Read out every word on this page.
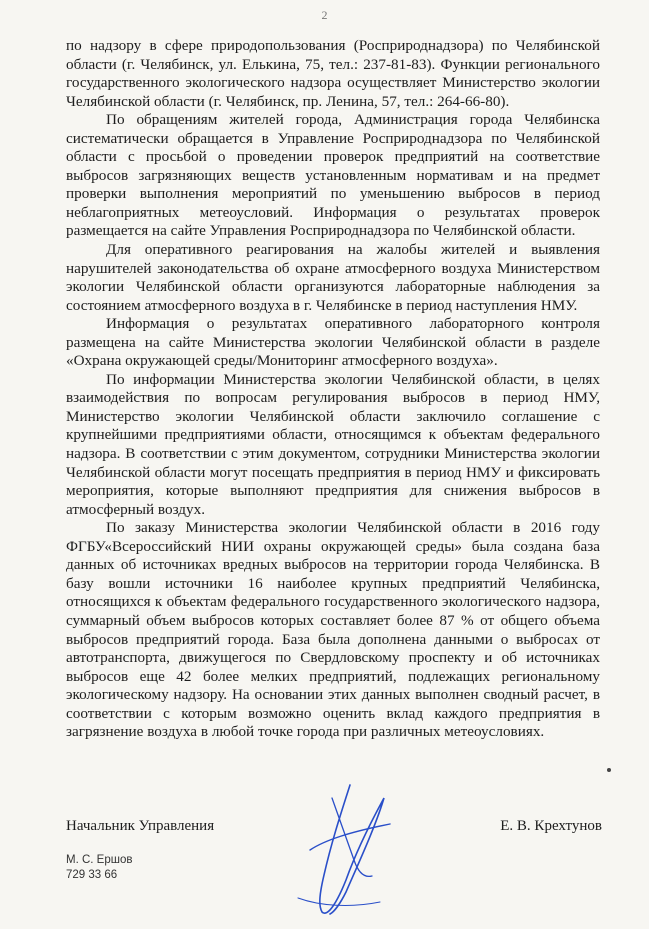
2

по надзору в сфере природопользования (Росприроднадзора) по Челябинской области (г. Челябинск, ул. Елькина, 75, тел.: 237-81-83). Функции регионального государственного экологического надзора осуществляет Министерство экологии Челябинской области (г. Челябинск, пр. Ленина, 57, тел.: 264-66-80).

По обращениям жителей города, Администрация города Челябинска систематически обращается в Управление Росприроднадзора по Челябинской области с просьбой о проведении проверок предприятий на соответствие выбросов загрязняющих веществ установленным нормативам и на предмет проверки выполнения мероприятий по уменьшению выбросов в период неблагоприятных метеоусловий. Информация о результатах проверок размещается на сайте Управления Росприроднадзора по Челябинской области.

Для оперативного реагирования на жалобы жителей и выявления нарушителей законодательства об охране атмосферного воздуха Министерством экологии Челябинской области организуются лабораторные наблюдения за состоянием атмосферного воздуха в г. Челябинске в период наступления НМУ.

Информация о результатах оперативного лабораторного контроля размещена на сайте Министерства экологии Челябинской области в разделе «Охрана окружающей среды/Мониторинг атмосферного воздуха».

По информации Министерства экологии Челябинской области, в целях взаимодействия по вопросам регулирования выбросов в период НМУ, Министерство экологии Челябинской области заключило соглашение с крупнейшими предприятиями области, относящимся к объектам федерального надзора. В соответствии с этим документом, сотрудники Министерства экологии Челябинской области могут посещать предприятия в период НМУ и фиксировать мероприятия, которые выполняют предприятия для снижения выбросов в атмосферный воздух.

По заказу Министерства экологии Челябинской области в 2016 году ФГБУ«Всероссийский НИИ охраны окружающей среды» была создана база данных об источниках вредных выбросов на территории города Челябинска. В базу вошли источники 16 наиболее крупных предприятий Челябинска, относящихся к объектам федерального государственного экологического надзора, суммарный объем выбросов которых составляет более 87 % от общего объема выбросов предприятий города. База была дополнена данными о выбросах от автотранспорта, движущегося по Свердловскому проспекту и об источниках выбросов еще 42 более мелких предприятий, подлежащих региональному экологическому надзору. На основании этих данных выполнен сводный расчет, в соответствии с которым возможно оценить вклад каждого предприятия в загрязнение воздуха в любой точке города при различных метеоусловиях.

Начальник Управления	Е. В. Крехтунов
М. С. Ершов
729 33 66
